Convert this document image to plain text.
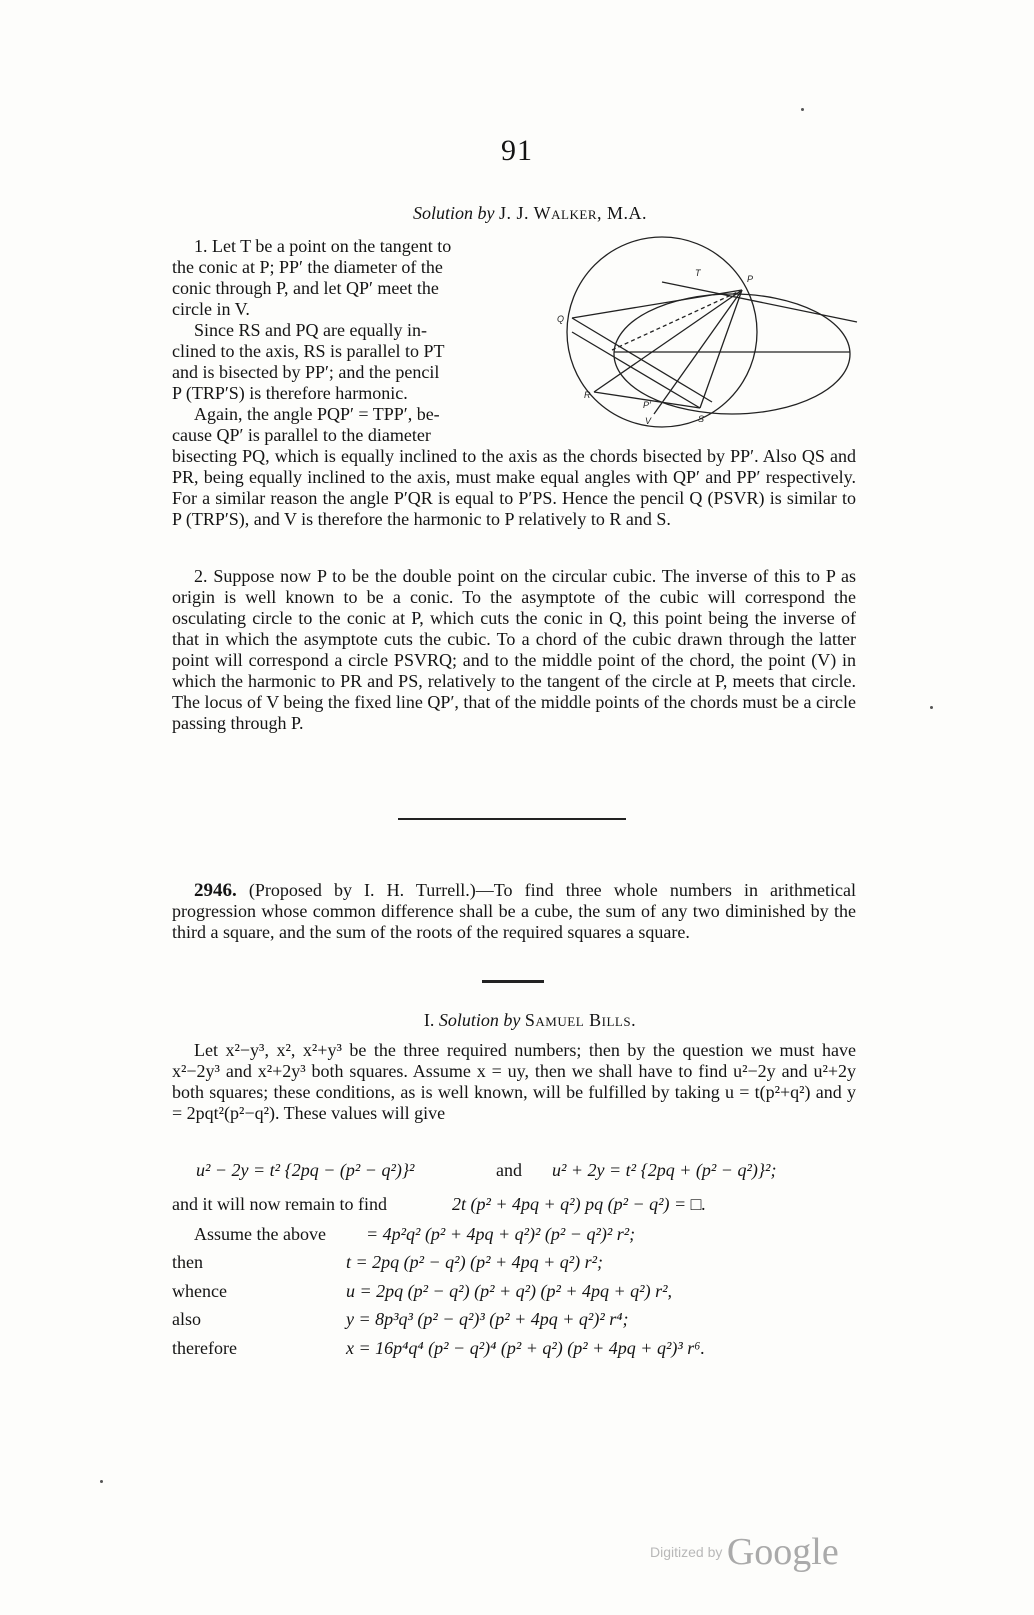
91
Solution by J. J. Walker, M.A.
1. Let T be a point on the tangent to
the conic at P; PP′ the diameter of the
conic through P, and let QP′ meet the
circle in V.
Since RS and PQ are equally in-
clined to the axis, RS is parallel to PT
and is bisected by PP′; and the pencil
P (TRP′S) is therefore harmonic.
Again, the angle PQP′ = TPP′, be-
cause QP′ is parallel to the diameter
T
P
Q
R
P′
S
V

bisecting PQ, which is equally inclined to the axis as the chords bisected by PP′. Also QS and PR, being equally inclined to the axis, must make equal angles with QP′ and PP′ respectively. For a similar reason the angle P′QR is equal to P′PS. Hence the pencil Q (PSVR) is similar to P (TRP′S), and V is therefore the harmonic to P relatively to R and S.

2. Suppose now P to be the double point on the circular cubic. The inverse of this to P as origin is well known to be a conic. To the asymptote of the cubic will correspond the osculating circle to the conic at P, which cuts the conic in Q, this point being the inverse of that in which the asymptote cuts the cubic. To a chord of the cubic drawn through the latter point will correspond a circle PSVRQ; and to the middle point of the chord, the point (V) in which the harmonic to PR and PS, relatively to the tangent of the circle at P, meets that circle. The locus of V being the fixed line QP′, that of the middle points of the chords must be a circle passing through P.

2946. (Proposed by I. H. Turrell.)—To find three whole numbers in arithmetical progression whose common difference shall be a cube, the sum of any two diminished by the third a square, and the sum of the roots of the required squares a square.

I. Solution by Samuel Bills.

Let x²−y³, x², x²+y³ be the three required numbers; then by the question we must have x²−2y³ and x²+2y³ both squares. Assume x = uy, then we shall have to find u²−2y and u²+2y both squares; these conditions, as is well known, will be fulfilled by taking u = t(p²+q²) and y = 2pqt²(p²−q²). These values will give

u² − 2y = t² {2pq − (p² − q²)}²	and u² + 2y = t² {2pq + (p² − q²)}²;
and it will now remain to find	2t (p² + 4pq + q²) pq (p² − q²) = □.
Assume the above = 4p²q² (p² + 4pq + q²)² (p² − q²)² r²;
then	t = 2pq (p² − q²) (p² + 4pq + q²) r²;
whence	u = 2pq (p² − q²) (p² + q²) (p² + 4pq + q²) r²,
also	y = 8p³q³ (p² − q²)³ (p² + 4pq + q²)² r⁴;
therefore	x = 16p⁴q⁴ (p² − q²)⁴ (p² + q²) (p² + 4pq + q²)³ r⁶.
Digitized by Google
